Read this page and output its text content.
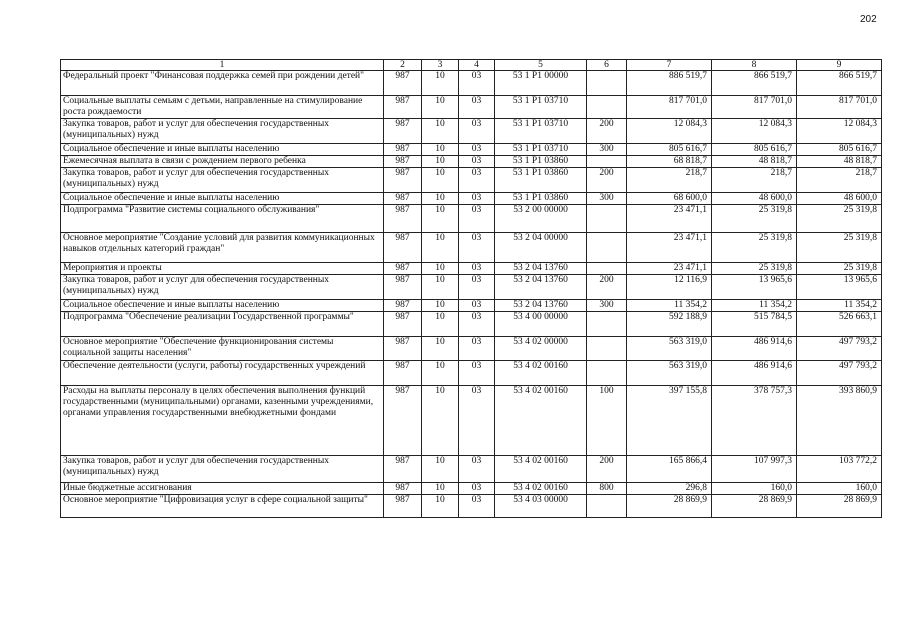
202
1	2	3	4	5	6	7	8	9
Федеральный проект "Финансовая поддержка семей при рождении детей"	987	10	03	53 1 P1 00000		886 519,7	866 519,7	866 519,7
Социальные выплаты семьям с детьми, направленные на стимулирование роста рождаемости	987	10	03	53 1 P1 03710		817 701,0	817 701,0	817 701,0
Закупка товаров, работ и услуг для обеспечения государственных (муниципальных) нужд	987	10	03	53 1 P1 03710	200	12 084,3	12 084,3	12 084,3
Социальное обеспечение и иные выплаты населению	987	10	03	53 1 P1 03710	300	805 616,7	805 616,7	805 616,7
Ежемесячная выплата в связи с рождением первого ребенка	987	10	03	53 1 P1 03860		68 818,7	48 818,7	48 818,7
Закупка товаров, работ и услуг для обеспечения государственных (муниципальных) нужд	987	10	03	53 1 P1 03860	200	218,7	218,7	218,7
Социальное обеспечение и иные выплаты населению	987	10	03	53 1 P1 03860	300	68 600,0	48 600,0	48 600,0
Подпрограмма "Развитие системы социального обслуживания"	987	10	03	53 2 00 00000		23 471,1	25 319,8	25 319,8
Основное мероприятие "Создание условий для развития коммуникационных навыков отдельных категорий граждан"	987	10	03	53 2 04 00000		23 471,1	25 319,8	25 319,8
Мероприятия и проекты	987	10	03	53 2 04 13760		23 471,1	25 319,8	25 319,8
Закупка товаров, работ и услуг для обеспечения государственных (муниципальных) нужд	987	10	03	53 2 04 13760	200	12 116,9	13 965,6	13 965,6
Социальное обеспечение и иные выплаты населению	987	10	03	53 2 04 13760	300	11 354,2	11 354,2	11 354,2
Подпрограмма "Обеспечение реализации Государственной программы"	987	10	03	53 4 00 00000		592 188,9	515 784,5	526 663,1
Основное мероприятие "Обеспечение функционирования системы социальной защиты населения"	987	10	03	53 4 02 00000		563 319,0	486 914,6	497 793,2
Обеспечение деятельности (услуги, работы) государственных учреждений	987	10	03	53 4 02 00160		563 319,0	486 914,6	497 793,2
Расходы на выплаты персоналу в целях обеспечения выполнения функций государственными (муниципальными) органами, казенными учреждениями, органами управления государственными внебюджетными фондами	987	10	03	53 4 02 00160	100	397 155,8	378 757,3	393 860,9
Закупка товаров, работ и услуг для обеспечения государственных (муниципальных) нужд	987	10	03	53 4 02 00160	200	165 866,4	107 997,3	103 772,2
Иные бюджетные ассигнования	987	10	03	53 4 02 00160	800	296,8	160,0	160,0
Основное мероприятие "Цифровизация услуг в сфере социальной защиты"	987	10	03	53 4 03 00000		28 869,9	28 869,9	28 869,9
